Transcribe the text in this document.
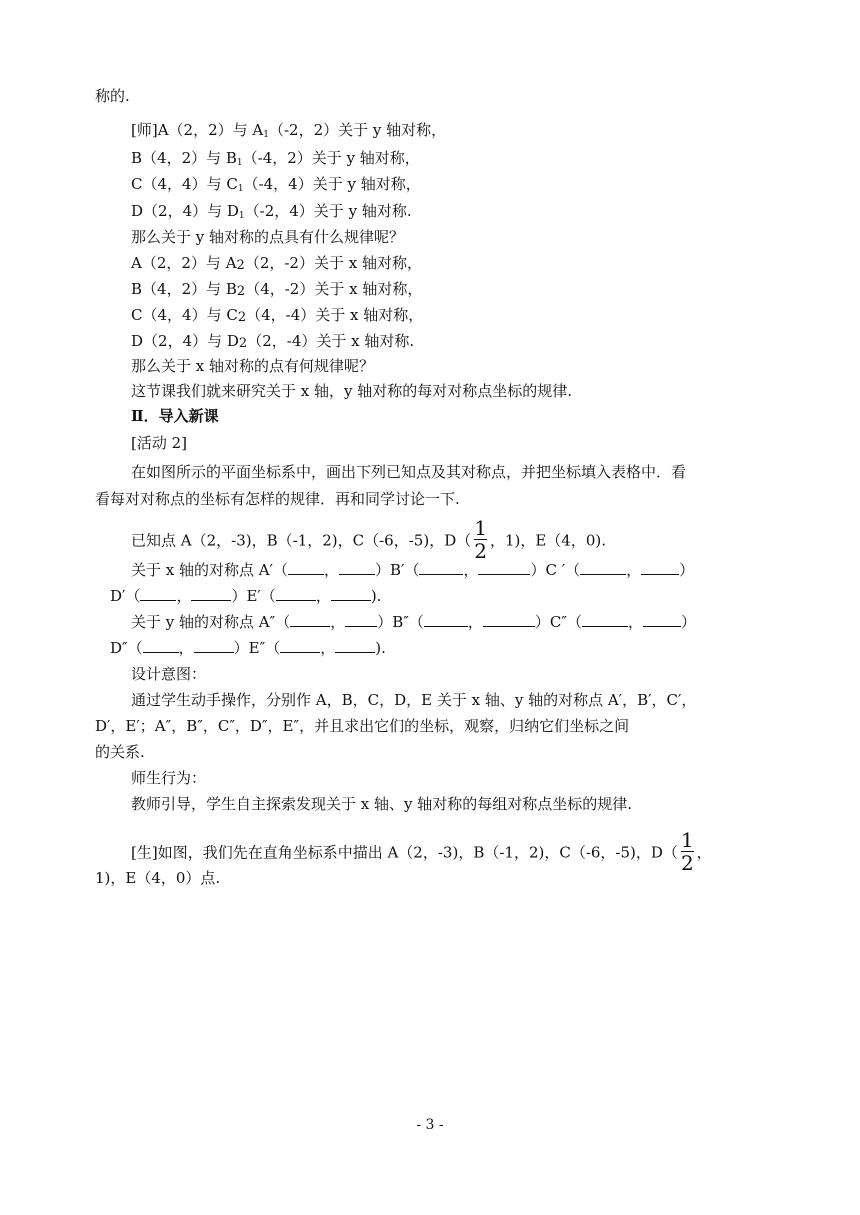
称的.
[师]A（2，2）与 $A_1(-2$，2）关于 y 轴对称，
B（4，2）与 $B_1(-4$，2）关于 y 轴对称，
C（4，4）与 $C_1(-4$，4）关于 y 轴对称，
D（2，4）与 $D_1(-2$，4）关于 y 轴对称.
那么关于 y 轴对称的点具有什么规律呢？
A（2，2）与 A2（2，-2）关于 x 轴对称，
B（4，2）与 B2（4，-2）关于 x 轴对称，
C（4，4）与 C2（4，-4）关于 x 轴对称，
D（2，4）与 D2（2，-4）关于 x 轴对称.
那么关于 x 轴对称的点有何规律呢？
这节课我们就来研究关于 x 轴，y 轴对称的每对对称点坐标的规律.
Ⅱ．导入新课
[活动 2]
在如图所示的平面坐标系中，画出下列已知点及其对称点，并把坐标填入表格中．看
看每对对称点的坐标有怎样的规律．再和同学讨论一下.
已知点 A（2，-3)，B（-1，2)，C（-6，-5)，$D( \frac{1}{2}$ ，1)，E（4，0).
关于 x 轴的对称点 A′（ ， ）B′（	，	）C ′（	，	）
D′（ ，	）E′（	，	).
关于 y 轴的对称点 A″（	， ）B″（	，	）C″（	，	）
D″（ ，	）E″（	，	).
设计意图：
通过学生动手操作，分别作 A，B，C，D，E 关于 x 轴、y 轴的对称点 A′，B′，C′，
D′，E′；A″，B″，C″，D″，E″，并且求出它们的坐标，观察，归纳它们坐标之间
的关系.
师生行为：
教师引导，学生自主探索发现关于 x 轴、y 轴对称的每组对称点坐标的规律.
[生]如图，我们先在直角坐标系中描出 A（2，-3)，B（-1，2)，C（-6，-5)，$D( \frac{1}{2}$ ，
1)，E（4，0）点.
- 3 -
